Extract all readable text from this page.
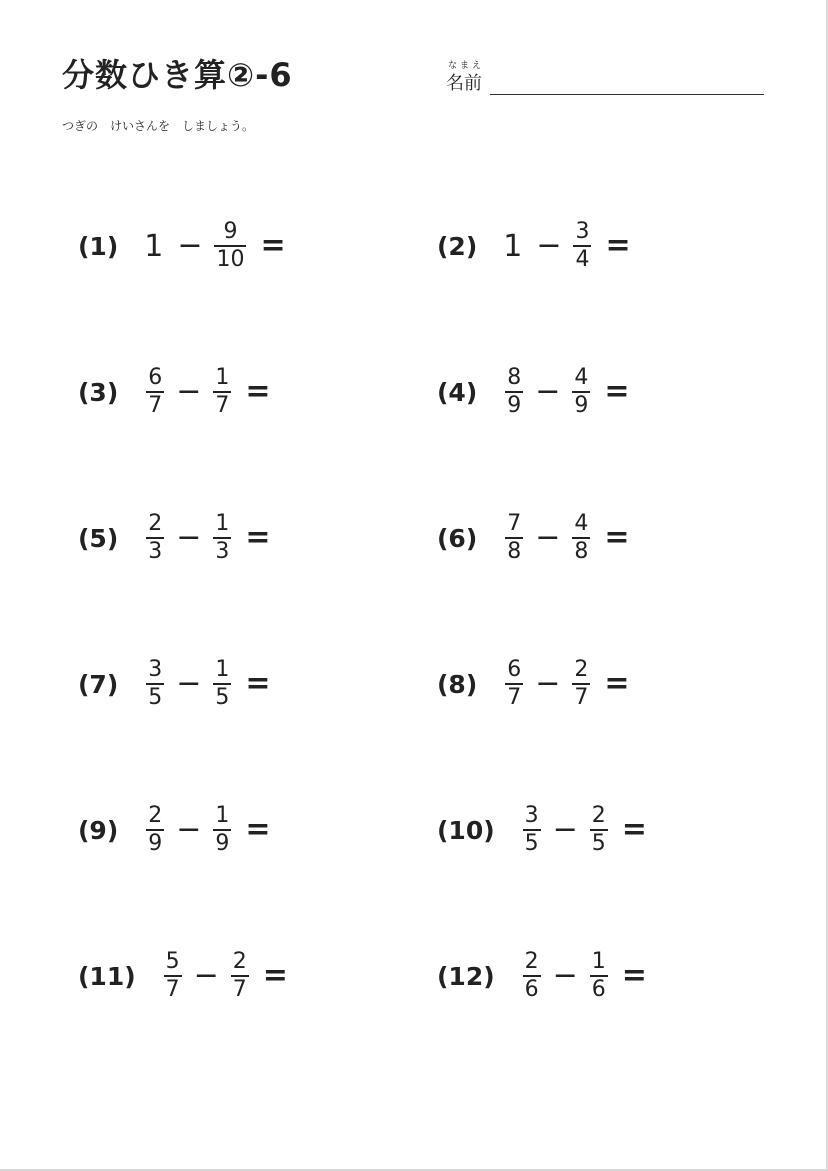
分数ひき算②-6	なまえ
名前
つぎの　けいさんを　しましょう。
(1) $1 - \frac{9}{10}$ =	(2) $1 - \frac{3}{4}$ =
$(3) \frac{6}{7} - \frac{1}{7}$ =	$(4) \frac{8}{9} - \frac{4}{9}$ =
$(5) \frac{2}{3} - \frac{1}{3}$ =	$(6) \frac{7}{8} - \frac{4}{8}$ =
$(7) \frac{3}{5} - \frac{1}{5}$ =	$(8) \frac{6}{7} - \frac{2}{7}$ =
$(9) \frac{2}{9} - \frac{1}{9}$ =	$(10) \frac{3}{5} - \frac{2}{5}$ =
$(11) \frac{5}{7} - \frac{2}{7}$ =	$(12) \frac{2}{6} - \frac{1}{6}$ =
